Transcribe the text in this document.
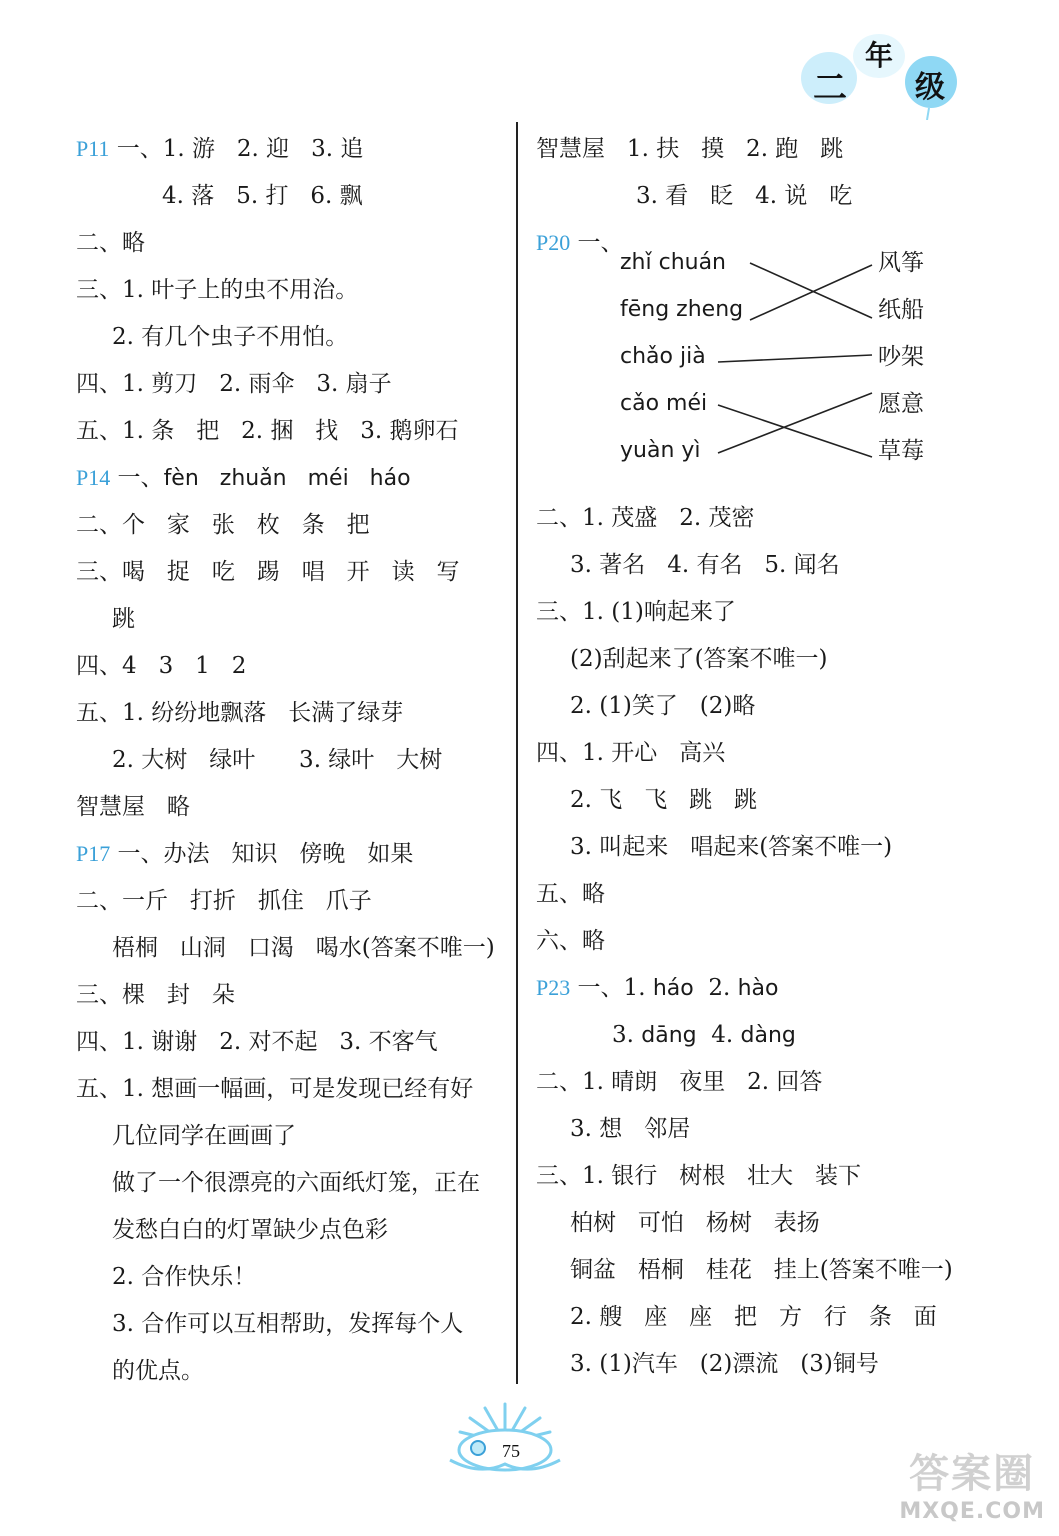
二
年
级
P11 一、1. 游   2. 迎   3. 追
4. 落   5. 打   6. 飘
二、略
三、1. 叶子上的虫不用治。
2. 有几个虫子不用怕。
四、1. 剪刀   2. 雨伞   3. 扇子
五、1. 条   把   2. 捆   找   3. 鹅卵石
P14 一、fèn   zhuǎn   méi   háo
二、个   家   张   枚   条   把
三、喝   捉   吃   踢   唱   开   读   写
跳
四、4   3   1   2
五、1. 纷纷地飘落   长满了绿芽
2. 大树   绿叶      3. 绿叶   大树
智慧屋   略
P17 一、办法   知识   傍晚   如果
二、一斤   打折   抓住   爪子
梧桐   山洞   口渴   喝水(答案不唯一)
三、棵   封   朵
四、1. 谢谢   2. 对不起   3. 不客气
五、1. 想画一幅画，可是发现已经有好
几位同学在画画了
做了一个很漂亮的六面纸灯笼，正在
发愁白白的灯罩缺少点色彩
2. 合作快乐！
3. 合作可以互相帮助，发挥每个人
的优点。
智慧屋   1. 扶   摸   2. 跑   跳
3. 看   眨   4. 说   吃
P20 一、
zhǐ chuán
fēng zheng
chǎo jià
cǎo méi
yuàn yì
风筝
纸船
吵架
愿意
草莓
二、1. 茂盛   2. 茂密
3. 著名   4. 有名   5. 闻名
三、1. (1)响起来了
(2)刮起来了(答案不唯一)
2. (1)笑了   (2)略
四、1. 开心   高兴
2. 飞   飞   跳   跳
3. 叫起来   唱起来(答案不唯一)
五、略
六、略
P23 一、1. háo  2. hào
3. dāng  4. dàng
二、1. 晴朗   夜里   2. 回答
3. 想   邻居
三、1. 银行   树根   壮大   装下
柏树   可怕   杨树   表扬
铜盆   梧桐   桂花   挂上(答案不唯一)
2. 艘   座   座   把   方   行   条   面
3. (1)汽车   (2)漂流   (3)铜号
75	答案圈
MXQE.COM
